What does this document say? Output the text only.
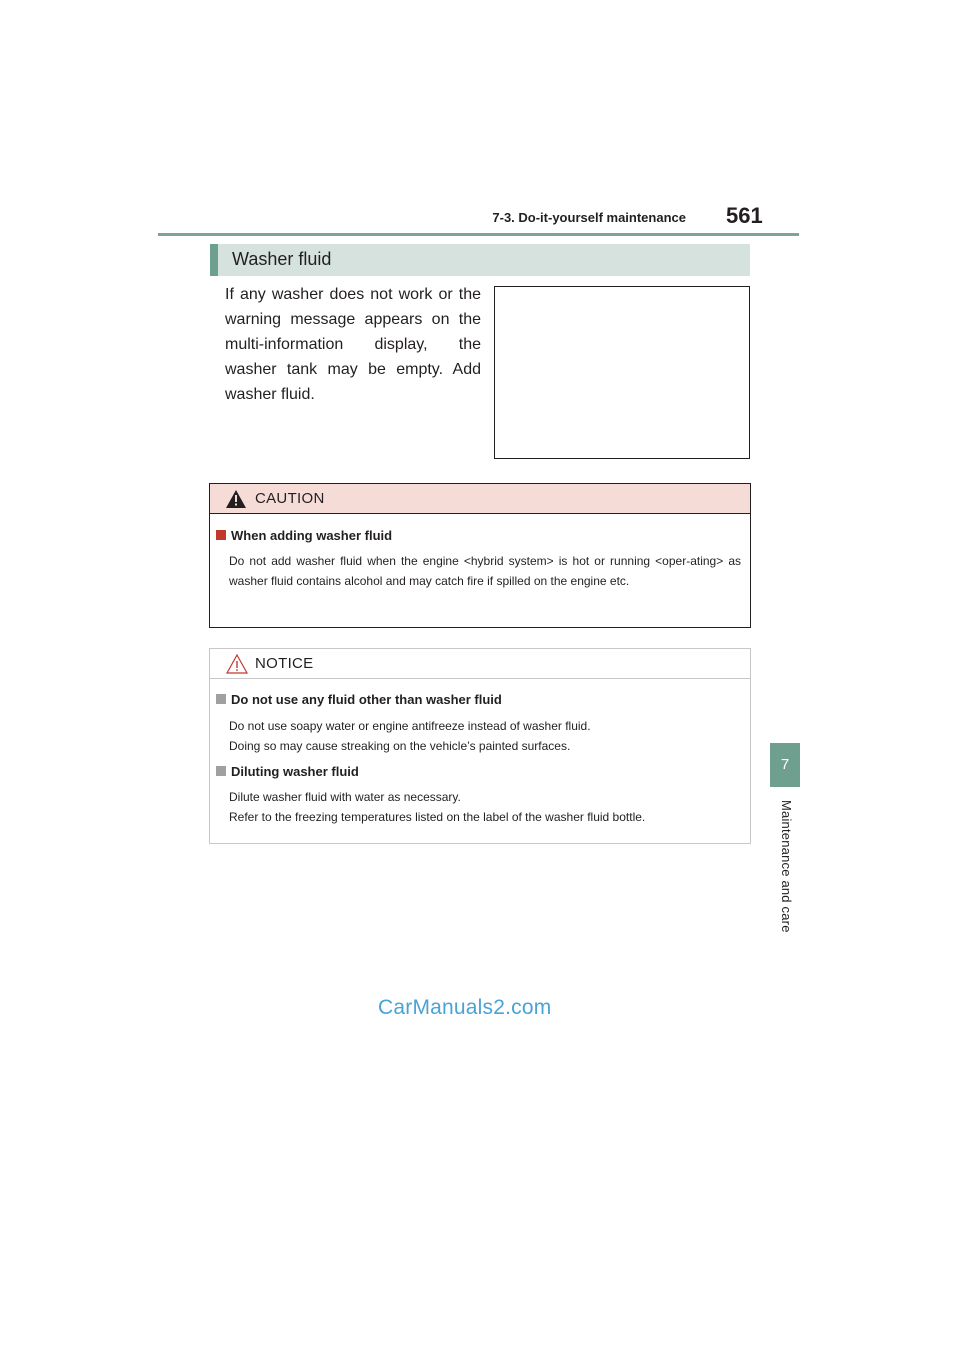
7-3. Do-it-yourself maintenance 561
7
Maintenance and care
Washer fluid

If any washer does not work or the warning message appears on the multi-information display, the washer tank may be empty. Add washer fluid.

CAUTION
When adding washer fluid
Do not add washer fluid when the engine <hybrid system> is hot or running <oper-ating> as washer fluid contains alcohol and may catch fire if spilled on the engine etc.
NOTICE
Do not use any fluid other than washer fluid
Do not use soapy water or engine antifreeze instead of washer fluid.
Doing so may cause streaking on the vehicle’s painted surfaces.
Diluting washer fluid
Dilute washer fluid with water as necessary.
Refer to the freezing temperatures listed on the label of the washer fluid bottle.
CarManuals2.com
